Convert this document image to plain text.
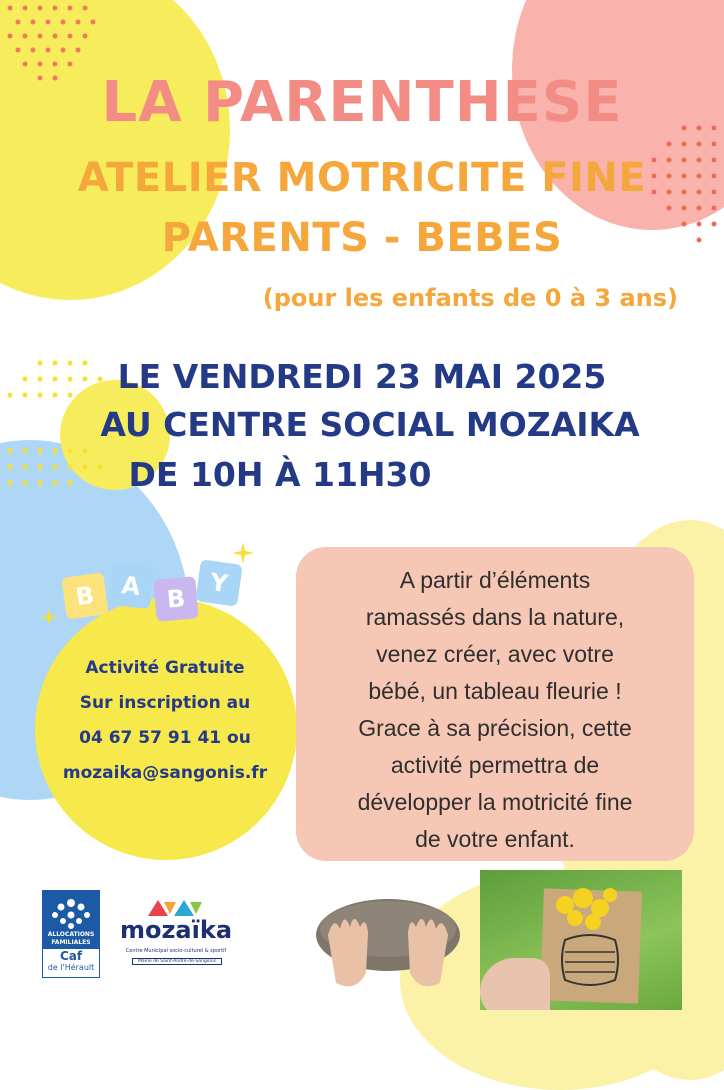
LA PARENTHESE
ATELIER MOTRICITE FINE
PARENTS - BEBES
(pour les enfants de 0 à 3 ans)
LE VENDREDI 23 MAI 2025
AU CENTRE SOCIAL MOZAIKA
DE 10H À 11H30
B	A B
Y
Activité Gratuite
Sur inscription au
04 67 57 91 41 ou
mozaika@sangonis.fr
A partir d’éléments
ramassés dans la nature,
venez créer, avec votre
bébé, un tableau fleurie !
Grace à sa précision, cette
activité permettra de
développer la motricité fine
de votre enfant.
ALLOCATIONS
FAMILIALES
Caf
de l'Hérault
mozaïka
Centre Municipal socio-culturel & sportif
Mairie de Saint-André-de-Sangonis
